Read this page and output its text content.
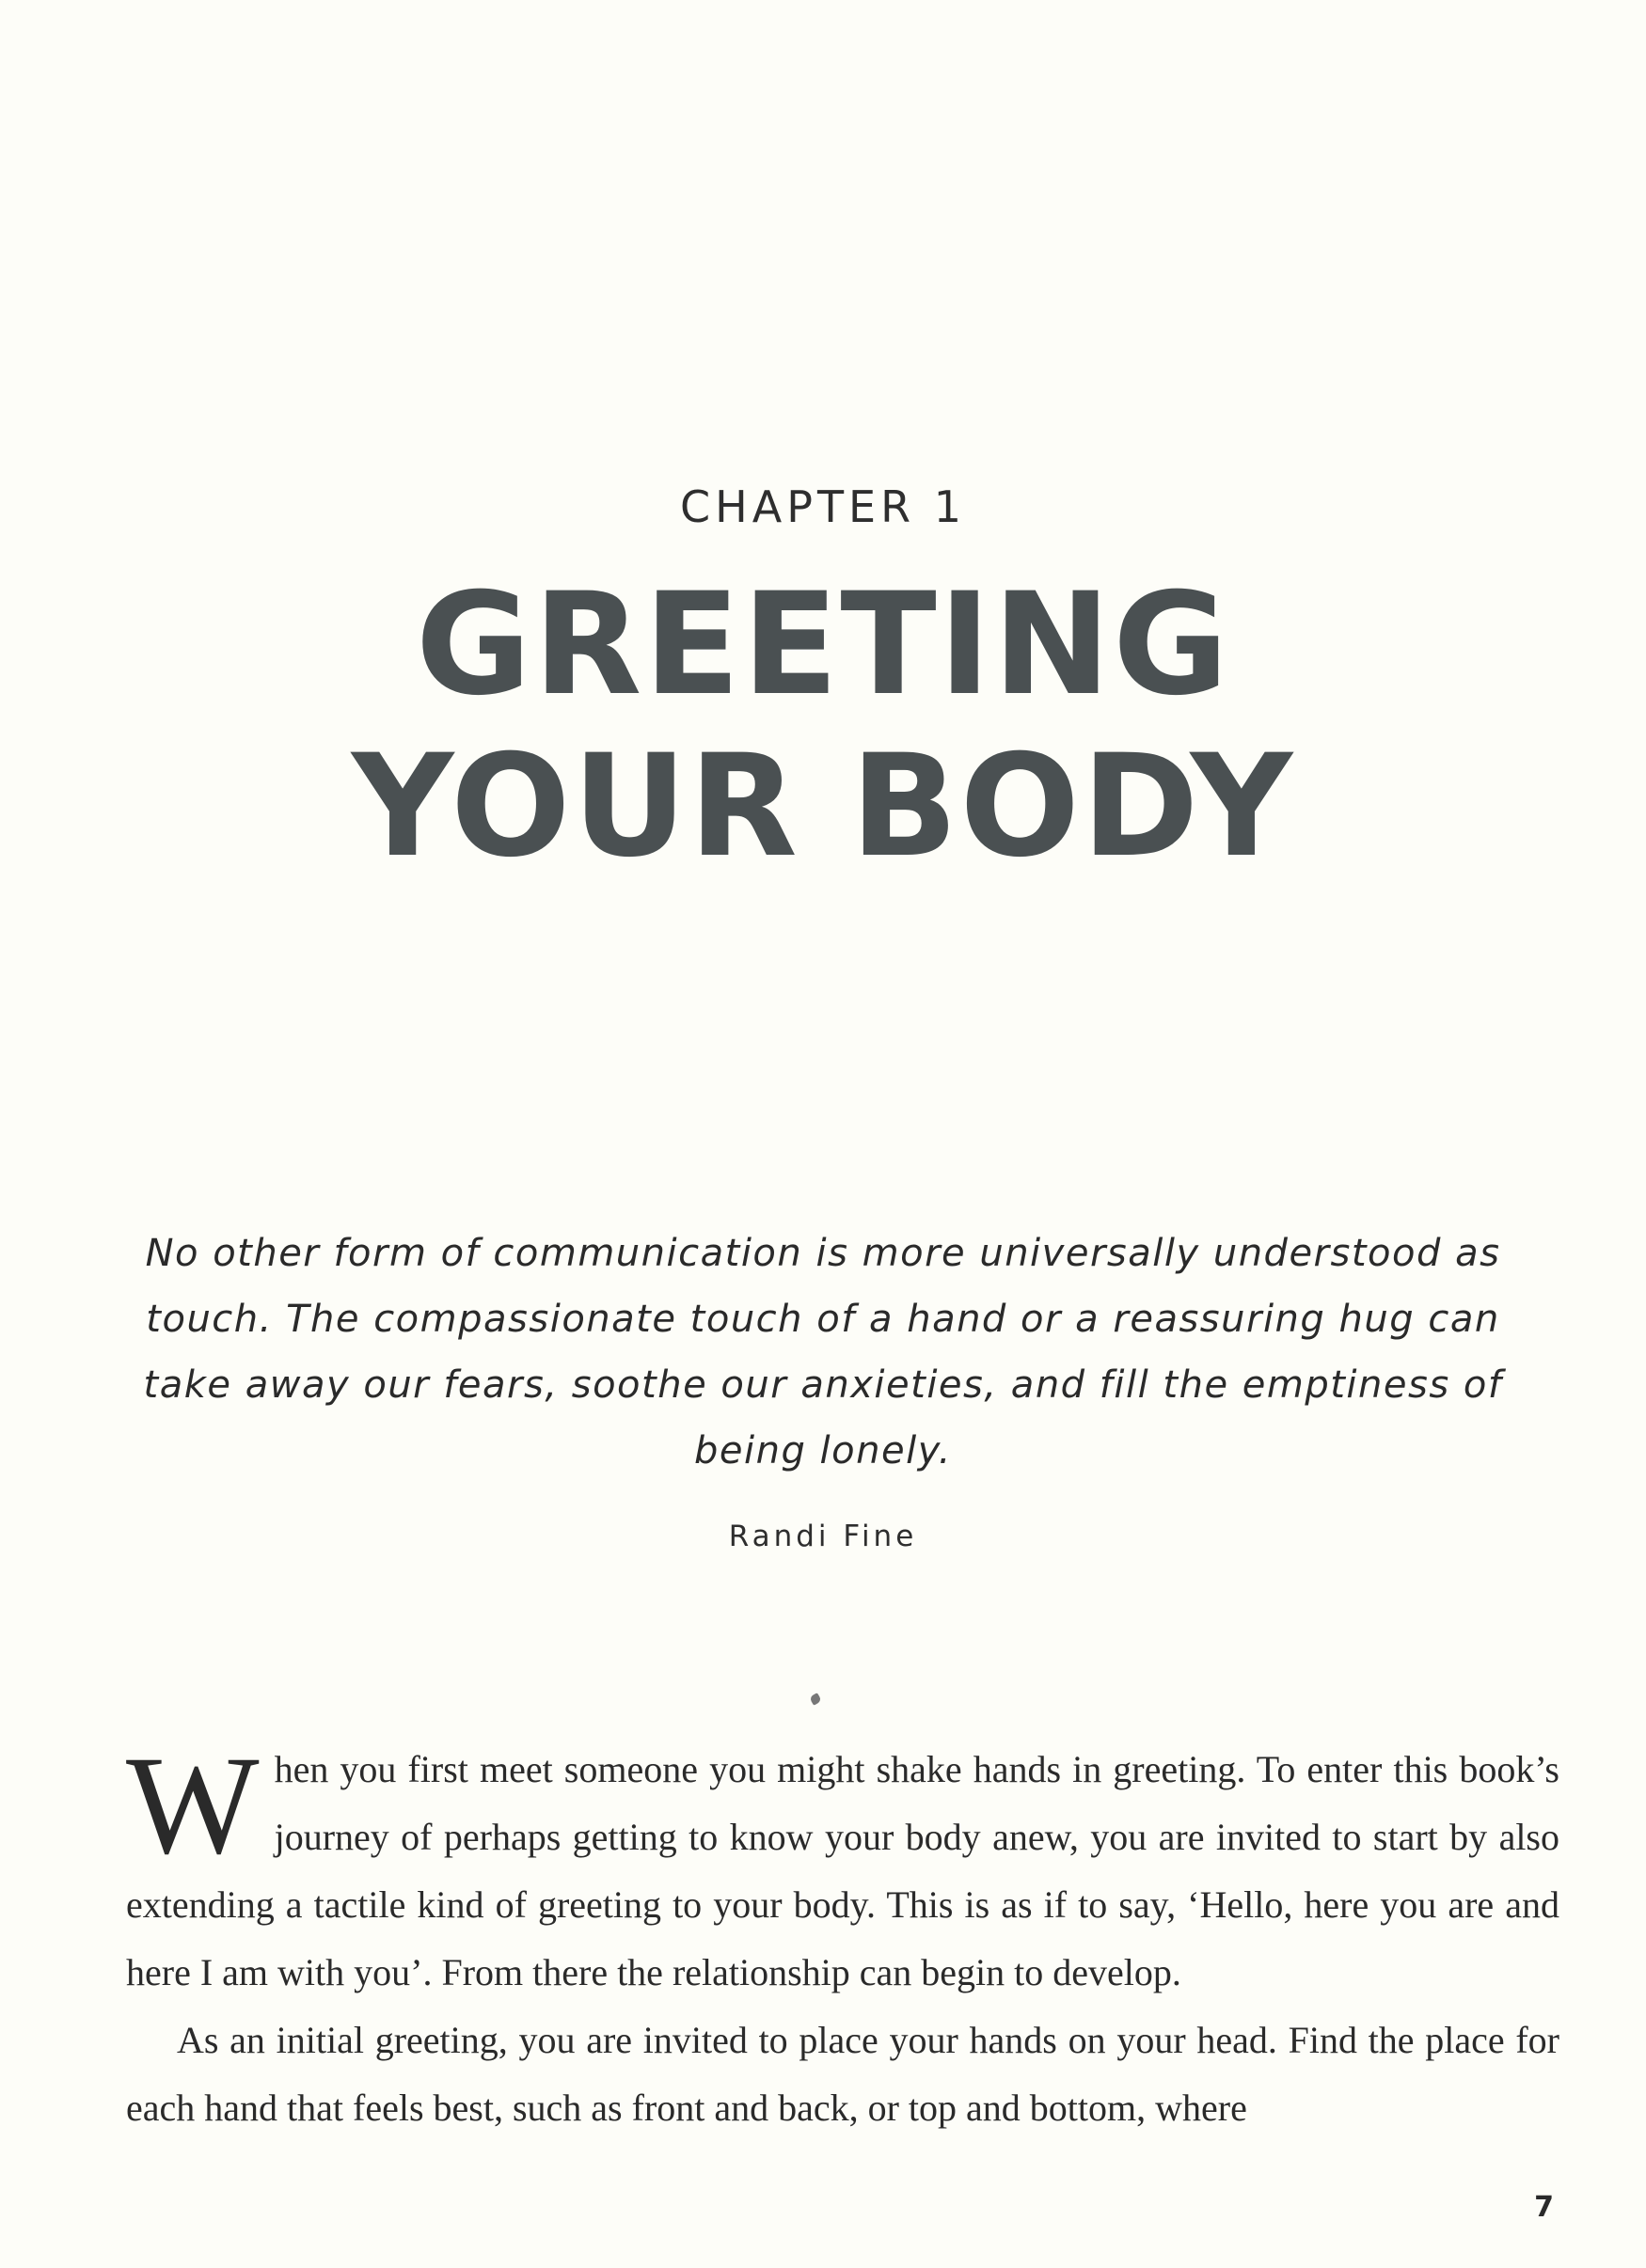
CHAPTER 1
GREETING
YOUR BODY
No other form of communication is more universally understood as touch. The compassionate touch of a hand or a reassuring hug can take away our fears, soothe our anxieties, and fill the emptiness of being lonely.
Randi Fine

When you first meet someone you might shake hands in greeting. To enter this book’s journey of perhaps getting to know your body anew, you are invited to start by also extending a tactile kind of greeting to your body. This is as if to say, ‘Hello, here you are and here I am with you’. From there the relationship can begin to develop.

As an initial greeting, you are invited to place your hands on your head. Find the place for each hand that feels best, such as front and back, or top and bottom, where

7
